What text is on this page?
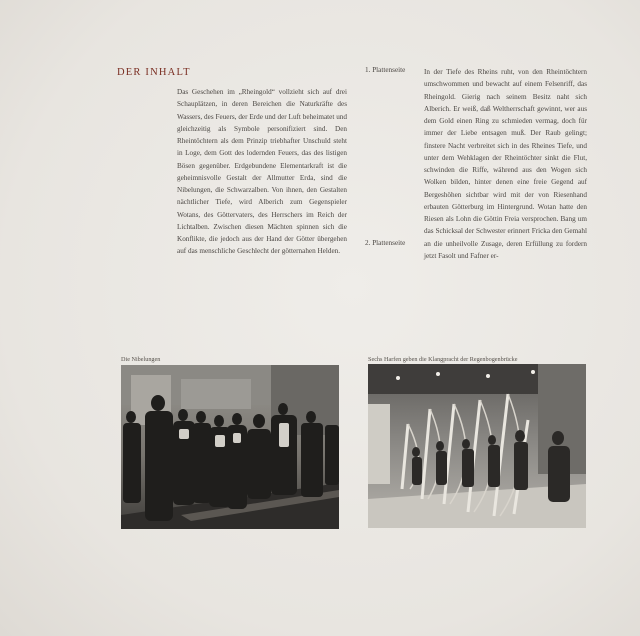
DER INHALT
Das Geschehen im „Rheingold“ vollzieht sich auf drei Schauplätzen, in deren Bereichen die Naturkräfte des Wassers, des Feuers, der Erde und der Luft beheimatet und gleichzeitig als Symbole personifiziert sind. Den Rheintöchtern als dem Prinzip triebhafter Unschuld steht in Loge, dem Gott des lodernden Feuers, das des listigen Bösen gegenüber. Erdgebundene Elementarkraft ist die geheimnisvolle Gestalt der Allmutter Erda, sind die Nibelungen, die Schwarzalben. Von ihnen, den Gestalten nächtlicher Tiefe, wird Alberich zum Gegenspieler Wotans, des Göttervaters, des Herrschers im Reich der Lichtalben. Zwischen diesen Mächten spinnen sich die Konflikte, die jedoch aus der Hand der Götter übergehen auf das menschliche Geschlecht der götternahen Helden.
1. Plattenseite	In der Tiefe des Rheins ruht, von den Rheintöchtern umschwommen und bewacht auf einem Felsenriff, das Rheingold. Gierig nach seinem Besitz naht sich Alberich. Er weiß, daß Weltherrschaft gewinnt, wer aus dem Gold einen Ring zu schmieden vermag, doch für immer der Liebe entsagen muß. Der Raub gelingt; finstere Nacht verbreitet sich in des Rheines Tiefe, und unter dem Wehklagen der Rheintöchter sinkt die Flut, schwinden die Riffe, während aus den Wogen sich Wolken bilden, hinter denen eine freie Gegend auf Bergeshöhen sichtbar wird mit der von Riesenhand erbauten Götterburg im Hintergrund. Wotan hatte den Riesen als Lohn die Göttin Freia versprochen. Bang um das Schicksal der Schwester erinnert Fricka den Gemahl an die unheilvolle Zusage, deren Erfüllung zu fordern jetzt Fasolt und Fafner er-
2. Plattenseite
Die Nibelungen	Sechs Harfen geben die Klangpracht der Regenbogenbrücke
